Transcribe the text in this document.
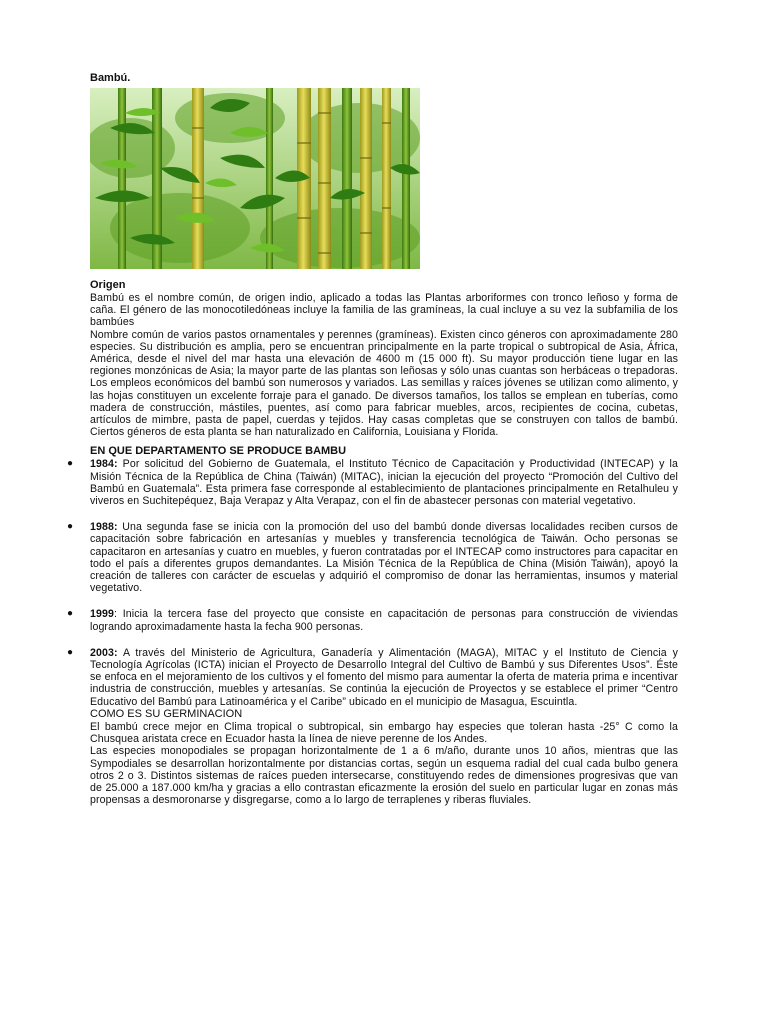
Bambú.
Origen

Bambú es el nombre común, de origen indio, aplicado a todas las Plantas arboriformes con tronco leñoso y forma de caña. El género de las monocotiledóneas incluye la familia de las gramíneas, la cual incluye a su vez la subfamilia de los bambúes

Nombre común de varios pastos ornamentales y perennes (gramíneas). Existen cinco géneros con aproximadamente 280 especies. Su distribución es amplia, pero se encuentran principalmente en la parte tropical o subtropical de Asia, África, América, desde el nivel del mar hasta una elevación de 4600 m (15 000 ft). Su mayor producción tiene lugar en las regiones monzónicas de Asia; la mayor parte de las plantas son leñosas y sólo unas cuantas son herbáceas o trepadoras. Los empleos económicos del bambú son numerosos y variados. Las semillas y raíces jóvenes se utilizan como alimento, y las hojas constituyen un excelente forraje para el ganado. De diversos tamaños, los tallos se emplean en tuberías, como madera de construcción, mástiles, puentes, así como para fabricar muebles, arcos, recipientes de cocina, cubetas, artículos de mimbre, pasta de papel, cuerdas y tejidos. Hay casas completas que se construyen con tallos de bambú. Ciertos géneros de esta planta se han naturalizado en California, Louisiana y Florida.

EN QUE DEPARTAMENTO SE PRODUCE BAMBU
● 1984: Por solicitud del Gobierno de Guatemala, el Instituto Técnico de Capacitación y Productividad (INTECAP) y la Misión Técnica de la República de China (Taiwán) (MITAC), inician la ejecución del proyecto “Promoción del Cultivo del Bambú en Guatemala”. Esta primera fase corresponde al establecimiento de plantaciones principalmente en Retalhuleu y viveros en Suchitepéquez, Baja Verapaz y Alta Verapaz, con el fin de abastecer personas con material vegetativo.
● 1988: Una segunda fase se inicia con la promoción del uso del bambú donde diversas localidades reciben cursos de capacitación sobre fabricación en artesanías y muebles y transferencia tecnológica de Taiwán. Ocho personas se capacitaron en artesanías y cuatro en muebles, y fueron contratadas por el INTECAP como instructores para capacitar en todo el país a diferentes grupos demandantes. La Misión Técnica de la República de China (Misión Taiwán), apoyó la creación de talleres con carácter de escuelas y adquirió el compromiso de donar las herramientas, insumos y material vegetativo.
● 1999: Inicia la tercera fase del proyecto que consiste en capacitación de personas para construcción de viviendas logrando aproximadamente hasta la fecha 900 personas.
● 2003: A través del Ministerio de Agricultura, Ganadería y Alimentación (MAGA), MITAC y el Instituto de Ciencia y Tecnología Agrícolas (ICTA) inician el Proyecto de Desarrollo Integral del Cultivo de Bambú y sus Diferentes Usos”. Éste se enfoca en el mejoramiento de los cultivos y el fomento del mismo para aumentar la oferta de materia prima e incentivar industria de construcción, muebles y artesanías. Se continúa la ejecución de Proyectos y se establece el primer “Centro Educativo del Bambú para Latinoamérica y el Caribe” ubicado en el municipio de Masagua, Escuintla.
COMO ES SU GERMINACION

El bambú crece mejor en Clima tropical o subtropical, sin embargo hay especies que toleran hasta -25° C como la Chusquea aristata crece en Ecuador hasta la línea de nieve perenne de los Andes.

Las especies monopodiales se propagan horizontalmente de 1 a 6 m/año, durante unos 10 años, mientras que las Sympodiales se desarrollan horizontalmente por distancias cortas, según un esquema radial del cual cada bulbo genera otros 2 o 3. Distintos sistemas de raíces pueden intersecarse, constituyendo redes de dimensiones progresivas que van de 25.000 a 187.000 km/ha y gracias a ello contrastan eficazmente la erosión del suelo en particular lugar en zonas más propensas a desmoronarse y disgregarse, como a lo largo de terraplenes y riberas fluviales.
